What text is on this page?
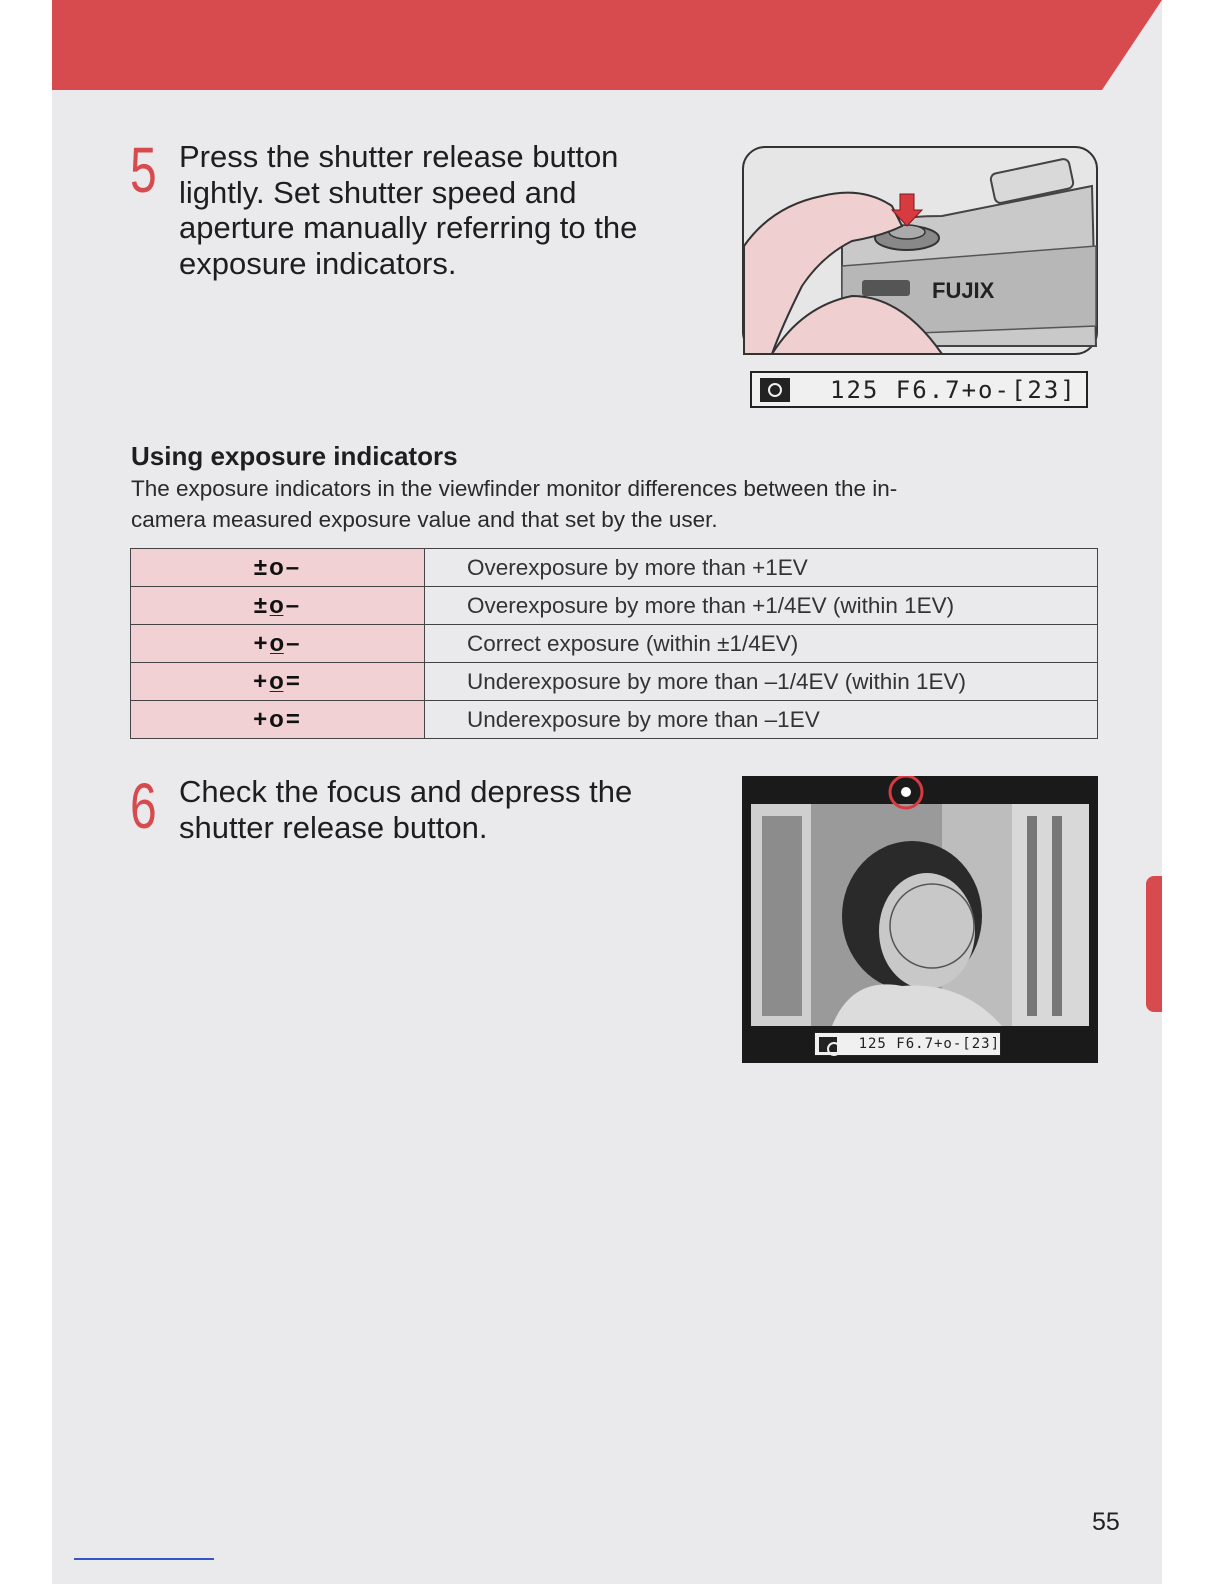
5 Press the shutter release button
lightly. Set shutter speed and
aperture manually referring to the
exposure indicators.
FUJIX
125 F6.7+o-[23]
Using exposure indicators
The exposure indicators in the viewfinder monitor differences between the in-
camera measured exposure value and that set by the user.
±o–	Overexposure by more than +1EV
±o̲–	Overexposure by more than +1/4EV (within 1EV)
+o̲–	Correct exposure (within ±1/4EV)
+o̲=	Underexposure by more than –1/4EV (within 1EV)
+o=	Underexposure by more than –1EV
6 Check the focus and depress the
shutter release button.
125 F6.7+o-[23]
55
